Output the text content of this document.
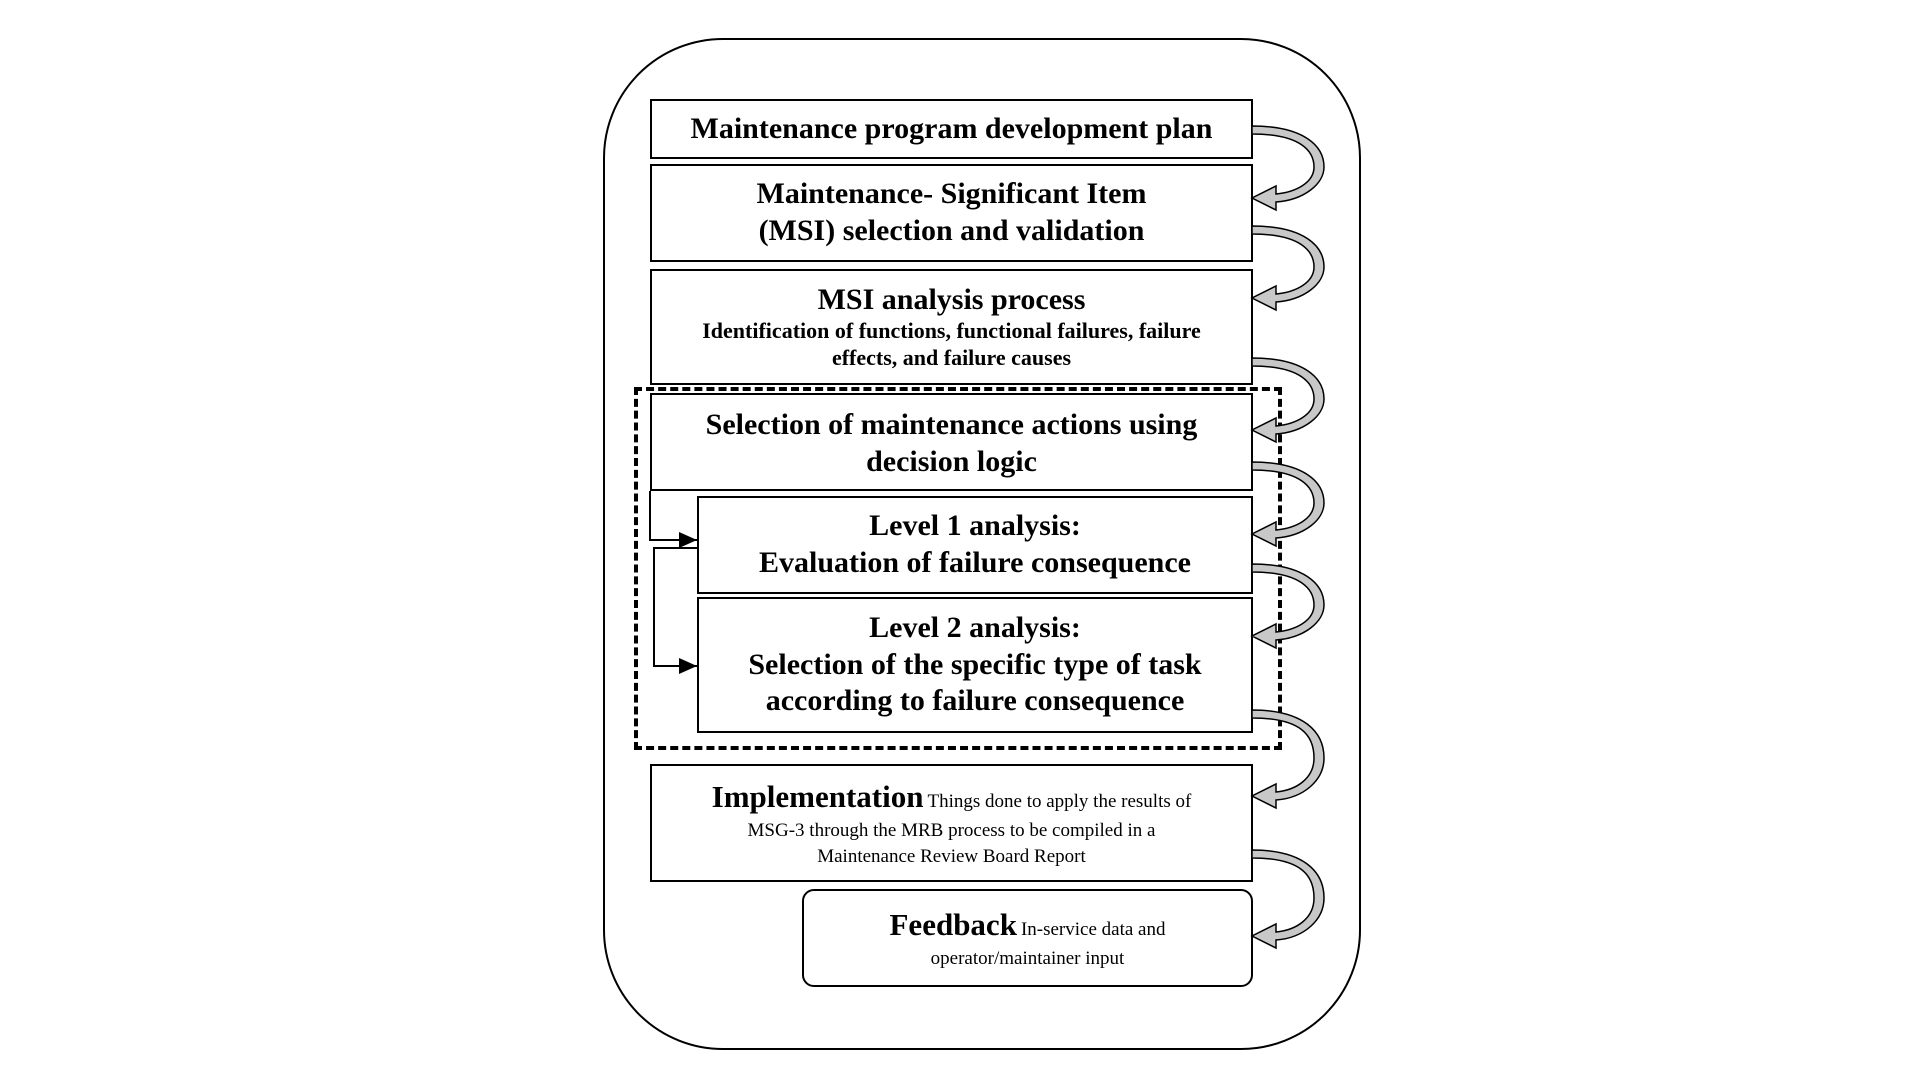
Maintenance program development plan
Maintenance- Significant Item
(MSI) selection and validation
MSI analysis process
Identification of functions, functional failures, failure
effects, and failure causes
Selection of maintenance actions using
decision logic
Level 1 analysis:
Evaluation of failure consequence
Level 2 analysis:
Selection of the specific type of task
according to failure consequence
Implementation Things done to apply the results of
MSG-3 through the MRB process to be compiled in a
Maintenance Review Board Report
Feedback In-service data and
operator/maintainer input
